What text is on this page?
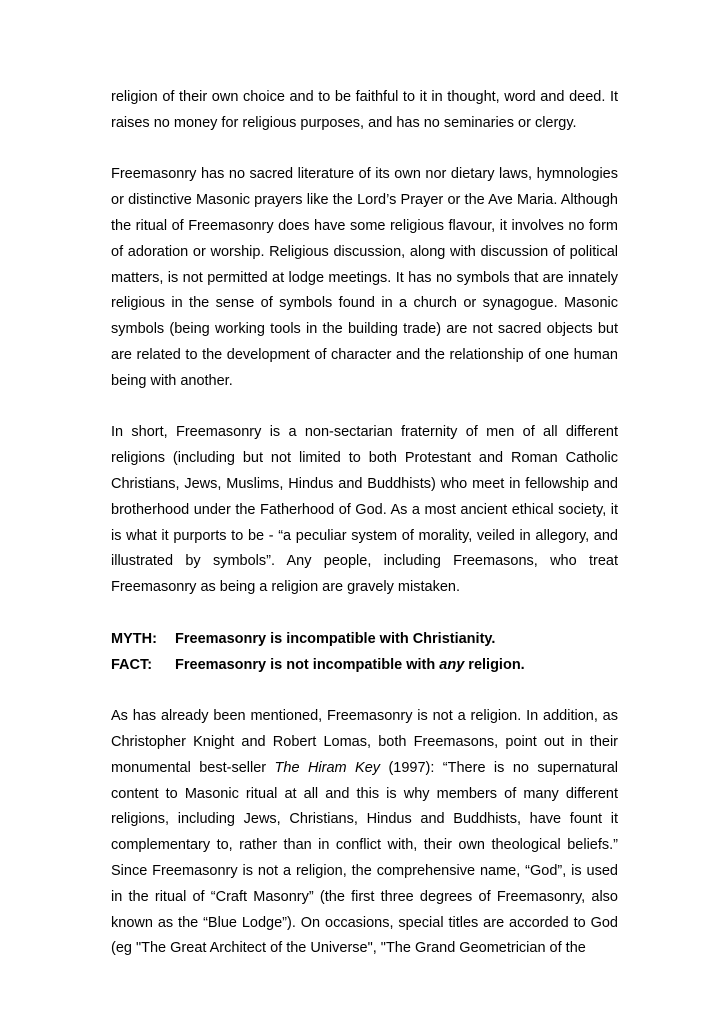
religion of their own choice and to be faithful to it in thought, word and deed. It raises no money for religious purposes, and has no seminaries or clergy.

Freemasonry has no sacred literature of its own nor dietary laws, hymnologies or distinctive Masonic prayers like the Lord’s Prayer or the Ave Maria. Although the ritual of Freemasonry does have some religious flavour, it involves no form of adoration or worship. Religious discussion, along with discussion of political matters, is not permitted at lodge meetings. It has no symbols that are innately religious in the sense of symbols found in a church or synagogue. Masonic symbols (being working tools in the building trade) are not sacred objects but are related to the development of character and the relationship of one human being with another.

In short, Freemasonry is a non-sectarian fraternity of men of all different religions (including but not limited to both Protestant and Roman Catholic Christians, Jews, Muslims, Hindus and Buddhists) who meet in fellowship and brotherhood under the Fatherhood of God. As a most ancient ethical society, it is what it purports to be - “a peculiar system of morality, veiled in allegory, and illustrated by symbols”. Any people, including Freemasons, who treat Freemasonry as being a religion are gravely mistaken.

MYTH:	Freemasonry is incompatible with Christianity.
FACT:	Freemasonry is not incompatible with any religion.

As has already been mentioned, Freemasonry is not a religion. In addition, as Christopher Knight and Robert Lomas, both Freemasons, point out in their monumental best-seller The Hiram Key (1997): “There is no supernatural content to Masonic ritual at all and this is why members of many different religions, including Jews, Christians, Hindus and Buddhists, have fount it complementary to, rather than in conflict with, their own theological beliefs.” Since Freemasonry is not a religion, the comprehensive name, “God”, is used in the ritual of “Craft Masonry” (the first three degrees of Freemasonry, also known as the “Blue Lodge”). On occasions, special titles are accorded to God (eg "The Great Architect of the Universe", "The Grand Geometrician of the
